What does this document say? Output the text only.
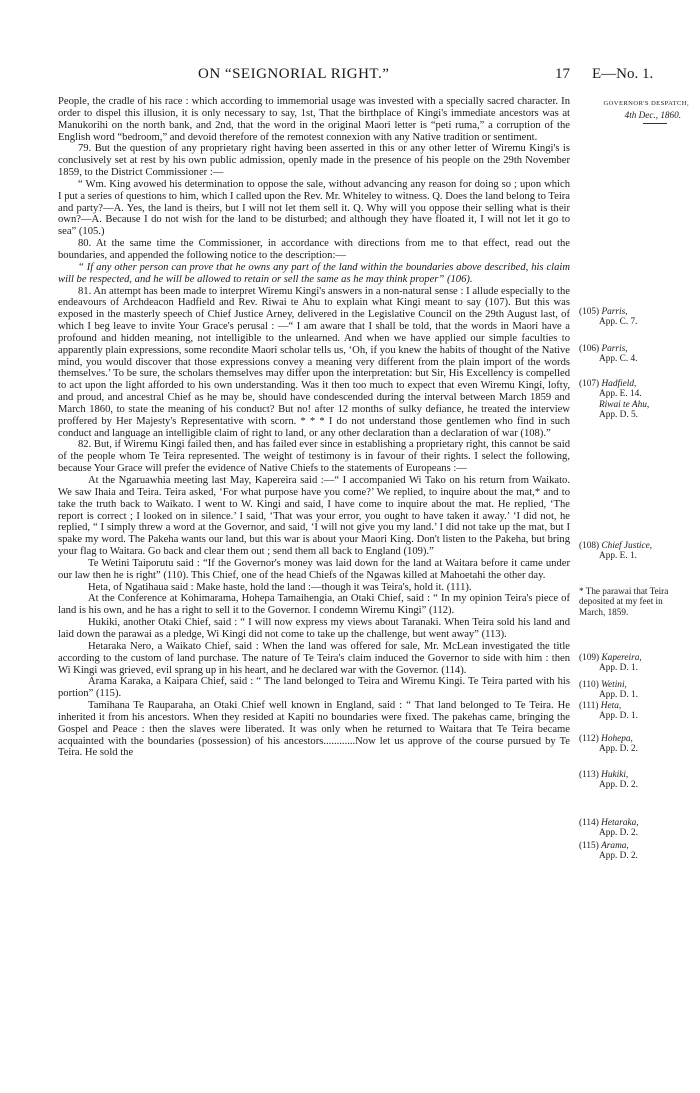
ON “SEIGNORIAL RIGHT.”	17 E—No. 1.
GOVERNOR'S DESPATCH,
4th Dec., 1860.

People, the cradle of his race : which according to immemorial usage was invested with a specially sacred character. In order to dispel this illusion, it is only necessary to say, 1st, That the birthplace of Kingi's immediate ancestors was at Manukorihi on the north bank, and 2nd, that the word in the original Maori letter is “peti ruma,” a corruption of the English word “bedroom,” and devoid therefore of the remotest connexion with any Native tradition or sentiment.

79. But the question of any proprietary right having been asserted in this or any other letter of Wiremu Kingi's is conclusively set at rest by his own public admission, openly made in the presence of his people on the 29th November 1859, to the District Commissioner :—

“ Wm. King avowed his determination to oppose the sale, without advancing any reason for doing so ; upon which I put a series of questions to him, which I called upon the Rev. Mr. Whiteley to witness. Q. Does the land belong to Teira and party?—A. Yes, the land is theirs, but I will not let them sell it. Q. Why will you oppose their selling what is their own?—A. Because I do not wish for the land to be disturbed; and although they have floated it, I will not let it go to sea” (105.)

80. At the same time the Commissioner, in accordance with directions from me to that effect, read out the boundaries, and appended the following notice to the description:—

“ If any other person can prove that he owns any part of the land within the boundaries above described, his claim will be respected, and he will be allowed to retain or sell the same as he may think proper” (106).

81. An attempt has been made to interpret Wiremu Kingi's answers in a non-natural sense : I allude especially to the endeavours of Archdeacon Hadfield and Rev. Riwai te Ahu to explain what Kingi meant to say (107). But this was exposed in the masterly speech of Chief Justice Arney, delivered in the Legislative Council on the 29th August last, of which I beg leave to invite Your Grace's perusal : —“ I am aware that I shall be told, that the words in Maori have a profound and hidden meaning, not intelligible to the unlearned. And when we have applied our simple faculties to apparently plain expressions, some recondite Maori scholar tells us, ‘Oh, if you knew the habits of thought of the Native mind, you would discover that those expressions convey a meaning very different from the plain import of the words themselves.’ To be sure, the scholars themselves may differ upon the interpretation: but Sir, His Excellency is compelled to act upon the light afforded to his own understanding. Was it then too much to expect that even Wiremu Kingi, lofty, and proud, and ancestral Chief as he may be, should have condescended during the interval between March 1859 and March 1860, to state the meaning of his conduct? But no! after 12 months of sulky defiance, he treated the interview proffered by Her Majesty's Representative with scorn. * * * I do not understand those gentlemen who find in such conduct and language an intelligible claim of right to land, or any other declaration than a declaration of war (108).”

82. But, if Wiremu Kingi failed then, and has failed ever since in establishing a proprietary right, this cannot be said of the people whom Te Teira represented. The weight of testimony is in favour of their rights. I select the following, because Your Grace will prefer the evidence of Native Chiefs to the statements of Europeans :—

At the Ngaruawhia meeting last May, Kapereira said :—“ I accompanied Wi Tako on his return from Waikato. We saw Ihaia and Teira. Teira asked, ‘For what purpose have you come?’ We replied, to inquire about the mat,* and to take the truth back to Waikato. I went to W. Kingi and said, I have come to inquire about the mat. He replied, ‘The report is correct ; I looked on in silence.’ I said, ‘That was your error, you ought to have taken it away.’ ‘I did not, he replied, “ I simply threw a word at the Governor, and said, ‘I will not give you my land.’ I did not take up the mat, but I spake my word. The Pakeha wants our land, but this war is about your Maori King. Don't listen to the Pakeha, but bring your flag to Waitara. Go back and clear them out ; send them all back to England (109).”

Te Wetini Taiporutu said : “If the Governor's money was laid down for the land at Waitara before it came under our law then he is right” (110). This Chief, one of the head Chiefs of the Ngawas killed at Mahoetahi the other day.

Heta, of Ngatihaua said : Make haste, hold the land :—though it was Teira's, hold it. (111).

At the Conference at Kohimarama, Hohepa Tamaihengia, an Otaki Chief, said : “ In my opinion Teira's piece of land is his own, and he has a right to sell it to the Governor. I condemn Wiremu Kingi” (112).

Hukiki, another Otaki Chief, said : “ I will now express my views about Taranaki. When Teira sold his land and laid down the parawai as a pledge, Wi Kingi did not come to take up the challenge, but went away” (113).

Hetaraka Nero, a Waikato Chief, said : When the land was offered for sale, Mr. McLean investigated the title according to the custom of land purchase. The nature of Te Teira's claim induced the Governor to side with him : then Wi Kingi was grieved, evil sprang up in his heart, and he declared war with the Governor. (114).

Arama Karaka, a Kaipara Chief, said : “ The land belonged to Teira and Wiremu Kingi. Te Teira parted with his portion” (115).

Tamihana Te Rauparaha, an Otaki Chief well known in England, said : “ That land belonged to Te Teira. He inherited it from his ancestors. When they resided at Kapiti no boundaries were fixed. The pakehas came, bringing the Gospel and Peace : then the slaves were liberated. It was only when he returned to Waitara that Te Teira became acquainted with the boundaries (possession) of his ancestors............Now let us approve of the course pursued by Te Teira. He sold the

(105) Parris,
App. C. 7.
(106) Parris,
App. C. 4.
(107) Hadfield,
App. E. 14.
Riwai te Ahu,
App. D. 5.
(108) Chief Justice,
App. E. 1.
* The parawai that Teira deposited at my feet in March, 1859.
(109) Kapereira,
App. D. 1.
(110) Wetini,
App. D. 1.
(111) Heta,
App. D. 1.
(112) Hohepa,
App. D. 2.
(113) Hukiki,
App. D. 2.
(114) Hetaraka,
App. D. 2.
(115) Arama,
App. D. 2.
